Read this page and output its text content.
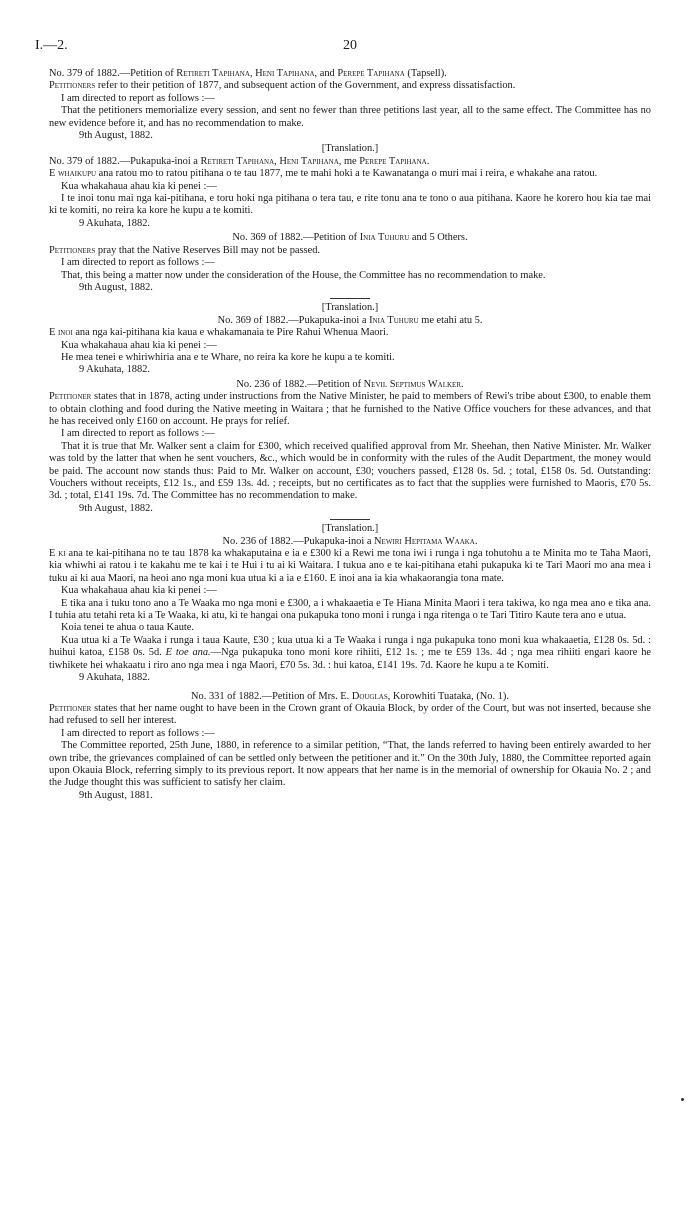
I.—2.	20

No. 379 of 1882.—Petition of Retireti Tapihana, Heni Tapihana, and Perepe Tapihana (Tapsell).

Petitioners refer to their petition of 1877, and subsequent action of the Government, and express dissatisfaction.

I am directed to report as follows :—

That the petitioners memorialize every session, and sent no fewer than three petitions last year, all to the same effect. The Committee has no new evidence before it, and has no recommendation to make.

9th August, 1882.

[Translation.]

No. 379 of 1882.—Pukapuka-inoi a Retireti Tapihana, Heni Tapihana, me Perepe Tapihana.

E whaikupu ana ratou mo to ratou pitihana o te tau 1877, me te mahi hoki a te Kawanatanga o muri mai i reira, e whakahe ana ratou.

Kua whakahaua ahau kia ki penei :—

I te inoi tonu mai nga kai-pitihana, e toru hoki nga pitihana o tera tau, e rite tonu ana te tono o aua pitihana. Kaore he korero hou kia tae mai ki te komiti, no reira ka kore he kupu a te komiti.

9 Akuhata, 1882.

No. 369 of 1882.—Petition of Inia Tuhuru and 5 Others.

Petitioners pray that the Native Reserves Bill may not be passed.

I am directed to report as follows :—

That, this being a matter now under the consideration of the House, the Committee has no recommendation to make.

9th August, 1882.

[Translation.]

No. 369 of 1882.—Pukapuka-inoi a Inia Tuhuru me etahi atu 5.

E inoi ana nga kai-pitihana kia kaua e whakamanaia te Pire Rahui Whenua Maori.

Kua whakahaua ahau kia ki penei :—

He mea tenei e whiriwhiria ana e te Whare, no reira ka kore he kupu a te komiti.

9 Akuhata, 1882.

No. 236 of 1882.—Petition of Nevil Septimus Walker.

Petitioner states that in 1878, acting under instructions from the Native Minister, he paid to members of Rewi's tribe about £300, to enable them to obtain clothing and food during the Native meeting in Waitara ; that he furnished to the Native Office vouchers for these advances, and that he has received only £160 on account. He prays for relief.

I am directed to report as follows :—

That it is true that Mr. Walker sent a claim for £300, which received qualified approval from Mr. Sheehan, then Native Minister. Mr. Walker was told by the latter that when he sent vouchers, &c., which would be in conformity with the rules of the Audit Department, the money would be paid. The account now stands thus: Paid to Mr. Walker on account, £30; vouchers passed, £128 0s. 5d. ; total, £158 0s. 5d. Outstanding: Vouchers without receipts, £12 1s., and £59 13s. 4d. ; receipts, but no certificates as to fact that the supplies were furnished to Maoris, £70 5s. 3d. ; total, £141 19s. 7d. The Committee has no recommendation to make.

9th August, 1882.

[Translation.]

No. 236 of 1882.—Pukapuka-inoi a Newiri Hepitama Waaka.

E ki ana te kai-pitihana no te tau 1878 ka whakaputaina e ia e £300 ki a Rewi me tona iwi i runga i nga tohutohu a te Minita mo te Taha Maori, kia whiwhi ai ratou i te kakahu me te kai i te Hui i tu ai ki Waitara. I tukua ano e te kai-pitihana etahi pukapuka ki te Tari Maori mo ana mea i tuku ai ki aua Maori, na heoi ano nga moni kua utua ki a ia e £160. E inoi ana ia kia whakaorangia tona mate.

Kua whakahaua ahau kia ki penei :—

E tika ana i tuku tono ano a Te Waaka mo nga moni e £300, a i whakaaetia e Te Hiana Minita Maori i tera takiwa, ko nga mea ano e tika ana. I tuhia atu tetahi reta ki a Te Waaka, ki atu, ki te hangai ona pukapuka tono moni i runga i nga ritenga o te Tari Titiro Kaute tera ano e utua.

Koia tenei te ahua o taua Kaute.

Kua utua ki a Te Waaka i runga i taua Kaute, £30 ; kua utua ki a Te Waaka i runga i nga pukapuka tono moni kua whakaaetia, £128 0s. 5d. : huihui katoa, £158 0s. 5d. E toe ana.—Nga pukapuka tono moni kore rihiiti, £12 1s. ; me te £59 13s. 4d ; nga mea rihiiti engari kaore he tiwhikete hei whakaatu i riro ano nga mea i nga Maori, £70 5s. 3d. : hui katoa, £141 19s. 7d. Kaore he kupu a te Komiti.

9 Akuhata, 1882.

No. 331 of 1882.—Petition of Mrs. E. Douglas, Korowhiti Tuataka, (No. 1).

Petitioner states that her name ought to have been in the Crown grant of Okauia Block, by order of the Court, but was not inserted, because she had refused to sell her interest.

I am directed to report as follows :—

The Committee reported, 25th June, 1880, in reference to a similar petition, “That, the lands referred to having been entirely awarded to her own tribe, the grievances complained of can be settled only between the petitioner and it.” On the 30th July, 1880, the Committee reported again upon Okauia Block, referring simply to its previous report. It now appears that her name is in the memorial of ownership for Okauia No. 2 ; and the Judge thought this was sufficient to satisfy her claim.

9th August, 1881.
